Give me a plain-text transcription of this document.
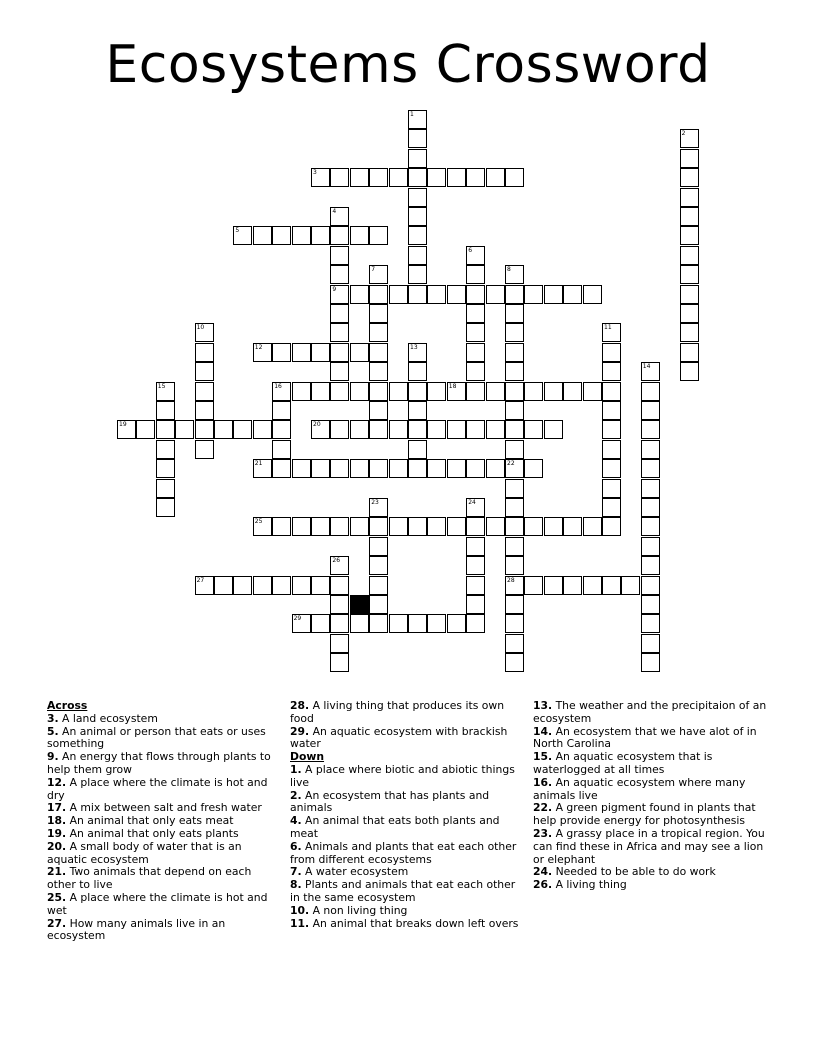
Ecosystems Crossword
3
5
9
12
16	18
19	20
21	22
25
27	28
29
1
2
4
6
7	8
10	11
13
14
15
23	24
26
Across
3. A land ecosystem
5. An animal or person that eats or uses something
9. An energy that flows through plants to help them grow
12. A place where the climate is hot and dry
17. A mix between salt and fresh water
18. An animal that only eats meat
19. An animal that only eats plants
20. A small body of water that is an aquatic ecosystem
21. Two animals that depend on each other to live
25. A place where the climate is hot and wet
27. How many animals live in an ecosystem
28. A living thing that produces its own food
29. An aquatic ecosystem with brackish water
Down
1. A place where biotic and abiotic things live
2. An ecosystem that has plants and animals
4. An animal that eats both plants and meat
6. Animals and plants that eat each other from different ecosystems
7. A water ecosystem
8. Plants and animals that eat each other in the same ecosystem
10. A non living thing
11. An animal that breaks down left overs
13. The weather and the precipitaion of an ecosystem
14. An ecosystem that we have alot of in North Carolina
15. An aquatic ecosystem that is waterlogged at all times
16. An aquatic ecosystem where many animals live
22. A green pigment found in plants that help provide energy for photosynthesis
23. A grassy place in a tropical region. You can find these in Africa and may see a lion or elephant
24. Needed to be able to do work
26. A living thing
